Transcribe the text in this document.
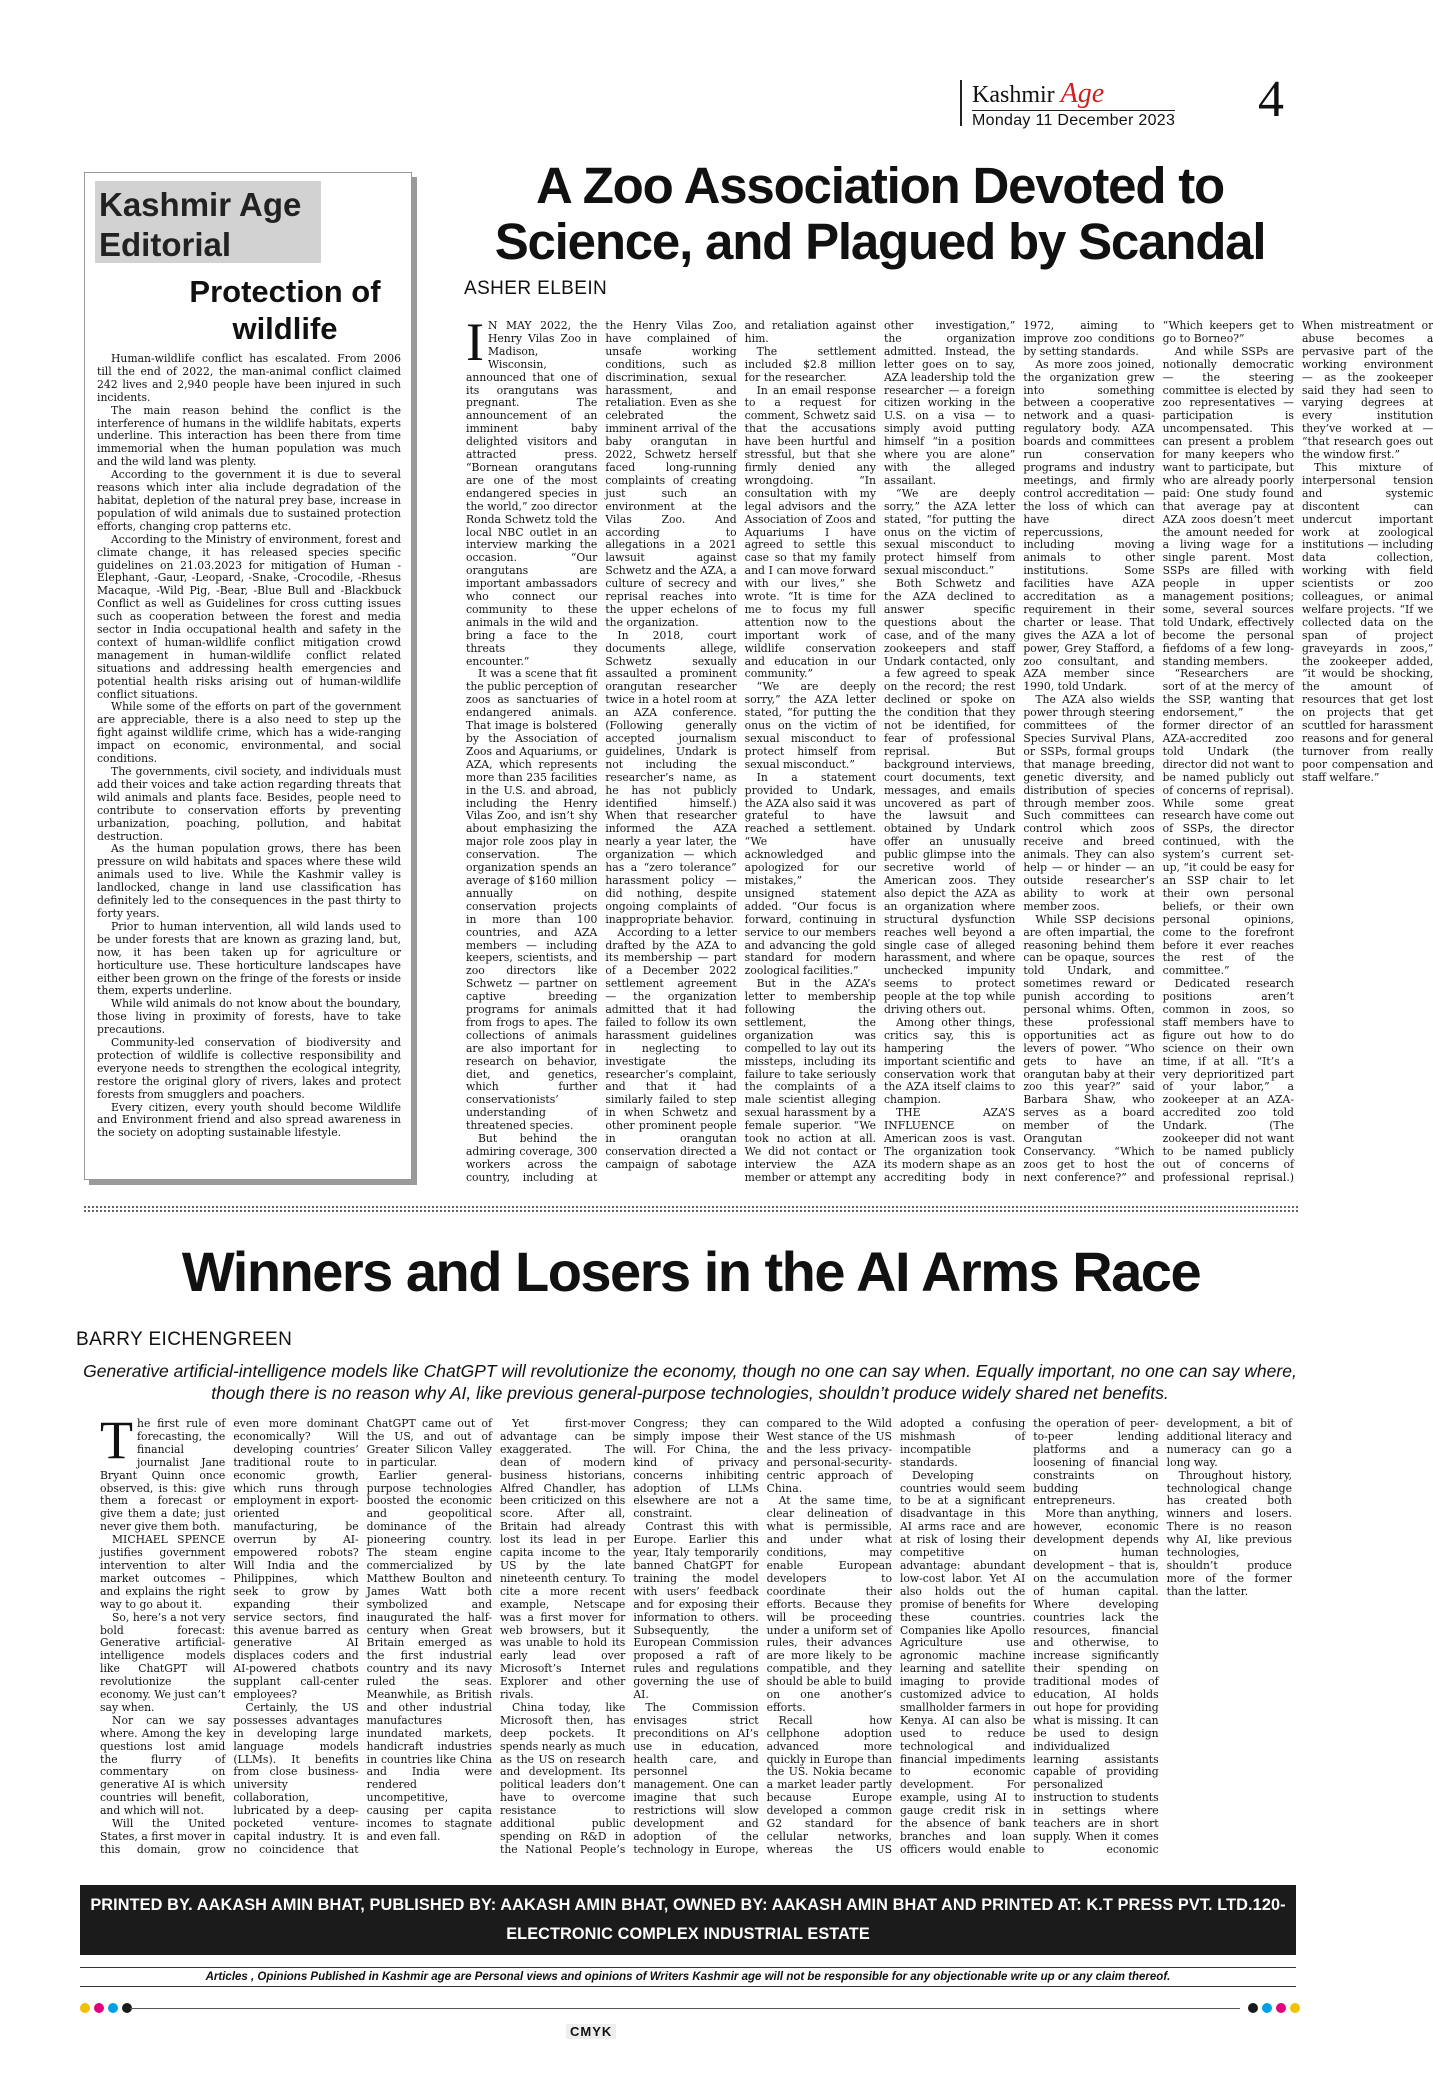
Kashmir Age
Monday 11 December 2023 4
Kashmir Age Editorial
Protection of wildlife

Human-wildlife conflict has escalated. From 2006 till the end of 2022, the man-animal conflict claimed 242 lives and 2,940 people have been injured in such incidents.

The main reason behind the conflict is the interference of humans in the wildlife habitats, experts underline. This interaction has been there from time immemorial when the human population was much and the wild land was plenty.

According to the government it is due to several reasons which inter alia include degradation of the habitat, depletion of the natural prey base, increase in population of wild animals due to sustained protection efforts, changing crop patterns etc.

According to the Ministry of environment, forest and climate change, it has released species specific guidelines on 21.03.2023 for mitigation of Human -Elephant, -Gaur, -Leopard, -Snake, -Crocodile, -Rhesus Macaque, -Wild Pig, -Bear, -Blue Bull and -Blackbuck Conflict as well as Guidelines for cross cutting issues such as cooperation between the forest and media sector in India occupational health and safety in the context of human-wildlife conflict mitigation crowd management in human-wildlife conflict related situations and addressing health emergencies and potential health risks arising out of human-wildlife conflict situations.

While some of the efforts on part of the government are appreciable, there is a also need to step up the fight against wildlife crime, which has a wide-ranging impact on economic, environmental, and social conditions.

The governments, civil society, and individuals must add their voices and take action regarding threats that wild animals and plants face. Besides, people need to contribute to conservation efforts by preventing urbanization, poaching, pollution, and habitat destruction.

As the human population grows, there has been pressure on wild habitats and spaces where these wild animals used to live. While the Kashmir valley is landlocked, change in land use classification has definitely led to the consequences in the past thirty to forty years.

Prior to human intervention, all wild lands used to be under forests that are known as grazing land, but, now, it has been taken up for agriculture or horticulture use. These horticulture landscapes have either been grown on the fringe of the forests or inside them, experts underline.

While wild animals do not know about the boundary, those living in proximity of forests, have to take precautions.

Community-led conservation of biodiversity and protection of wildlife is collective responsibility and everyone needs to strengthen the ecological integrity, restore the original glory of rivers, lakes and protect forests from smugglers and poachers.

Every citizen, every youth should become Wildlife and Environment friend and also spread awareness in the society on adopting sustainable lifestyle.

A Zoo Association Devoted to Science, and Plagued by Scandal
ASHER ELBEIN

I N MAY 2022, the Henry Vilas Zoo in Madison, Wisconsin, announced that one of its orangutans was pregnant. The announcement of an imminent baby delighted visitors and attracted press. “Bornean orangutans are one of the most endangered species in the world,” zoo director Ronda Schwetz told the local NBC outlet in an interview marking the occasion. “Our orangutans are important ambassadors who connect our community to these animals in the wild and bring a face to the threats they encounter.”

It was a scene that fit the public perception of zoos as sanctuaries of endangered animals. That image is bolstered by the Association of Zoos and Aquariums, or AZA, which represents more than 235 facilities in the U.S. and abroad, including the Henry Vilas Zoo, and isn’t shy about emphasizing the major role zoos play in conservation. The organization spends an average of $160 million annually on conservation projects in more than 100 countries, and AZA members — including keepers, scientists, and zoo directors like Schwetz — partner on captive breeding programs for animals from frogs to apes. The collections of animals are also important for research on behavior, diet, and genetics, which further conservationists’ understanding of threatened species.

But behind the admiring coverage, 300 workers across the country, including at the Henry Vilas Zoo, have complained of unsafe working conditions, such as discrimination, sexual harassment, and retaliation. Even as she celebrated the imminent arrival of the baby orangutan in 2022, Schwetz herself faced long-running complaints of creating just such an environment at the Vilas Zoo. And according to allegations in a 2021 lawsuit against Schwetz and the AZA, a culture of secrecy and reprisal reaches into the upper echelons of the organization.

In 2018, court documents allege, Schwetz sexually assaulted a prominent orangutan researcher twice in a hotel room at an AZA conference. (Following generally accepted journalism guidelines, Undark is not including the researcher’s name, as he has not publicly identified himself.) When that researcher informed the AZA nearly a year later, the organization — which has a “zero tolerance” harassment policy — did nothing, despite ongoing complaints of inappropriate behavior.

According to a letter drafted by the AZA to its membership — part of a December 2022 settlement agreement — the organization admitted that it had failed to follow its own harassment guidelines in neglecting to investigate the researcher’s complaint, and that it had similarly failed to step in when Schwetz and other prominent people in orangutan conservation directed a campaign of sabotage and retaliation against him.

The settlement included $2.8 million for the researcher.

In an email response to a request for comment, Schwetz said that the accusations have been hurtful and stressful, but that she firmly denied any wrongdoing. “In consultation with my legal advisors and the Association of Zoos and Aquariums I have agreed to settle this case so that my family and I can move forward with our lives,” she wrote. “It is time for me to focus my full attention now to the important work of wildlife conservation and education in our community.”

“We are deeply sorry,” the AZA letter stated, “for putting the onus on the victim of sexual misconduct to protect himself from sexual misconduct.”

In a statement provided to Undark, the AZA also said it was grateful to have reached a settlement. “We have acknowledged and apologized for our mistakes,” the unsigned statement added. “Our focus is forward, continuing in service to our members and advancing the gold standard for modern zoological facilities.”

But in the AZA’s letter to membership following the settlement, the organization was compelled to lay out its missteps, including its failure to take seriously the complaints of a male scientist alleging sexual harassment by a female superior. “We took no action at all. We did not contact or interview the AZA member or attempt any other investigation,” the organization admitted. Instead, the letter goes on to say, AZA leadership told the researcher — a foreign citizen working in the U.S. on a visa — to simply avoid putting himself “in a position where you are alone” with the alleged assailant.

“We are deeply sorry,” the AZA letter stated, “for putting the onus on the victim of sexual misconduct to protect himself from sexual misconduct.”

Both Schwetz and the AZA declined to answer specific questions about the case, and of the many zookeepers and staff Undark contacted, only a few agreed to speak on the record; the rest declined or spoke on the condition that they not be identified, for fear of professional reprisal. But background interviews, court documents, text messages, and emails uncovered as part of the lawsuit and obtained by Undark offer an unusually public glimpse into the secretive world of American zoos. They also depict the AZA as an organization where structural dysfunction reaches well beyond a single case of alleged harassment, and where unchecked impunity seems to protect people at the top while driving others out.

Among other things, critics say, this is hampering the important scientific and conservation work that the AZA itself claims to champion.

THE AZA’S INFLUENCE on American zoos is vast. The organization took its modern shape as an accrediting body in 1972, aiming to improve zoo conditions by setting standards.

As more zoos joined, the organization grew into something between a cooperative network and a quasi-regulatory body. AZA boards and committees run conservation programs and industry meetings, and firmly control accreditation — the loss of which can have direct repercussions, including moving animals to other institutions. Some facilities have AZA accreditation as a requirement in their charter or lease. That gives the AZA a lot of power, Grey Stafford, a zoo consultant, and AZA member since 1990, told Undark.

The AZA also wields power through steering committees of the Species Survival Plans, or SSPs, formal groups that manage breeding, genetic diversity, and distribution of species through member zoos. Such committees can control which zoos receive and breed animals. They can also help — or hinder — an outside researcher’s ability to work at member zoos.

While SSP decisions are often impartial, the reasoning behind them can be opaque, sources told Undark, and sometimes reward or punish according to personal whims. Often, these professional opportunities act as levers of power. “Who gets to have an orangutan baby at their zoo this year?” said Barbara Shaw, who serves as a board member of the Orangutan Conservancy. “Which zoos get to host the next conference?” and “Which keepers get to go to Borneo?”

And while SSPs are notionally democratic — the steering committee is elected by zoo representatives — participation is uncompensated. This can present a problem for many keepers who want to participate, but who are already poorly paid: One study found that average pay at AZA zoos doesn’t meet the amount needed for a living wage for a single parent. Most SSPs are filled with people in upper management positions; some, several sources told Undark, effectively become the personal fiefdoms of a few long-standing members.

“Researchers are sort of at the mercy of the SSP, wanting that endorsement,” the former director of an AZA-accredited zoo told Undark (the director did not want to be named publicly out of concerns of reprisal). While some great research have come out of SSPs, the director continued, with the system’s current set-up, “it could be easy for an SSP chair to let their own personal beliefs, or their own personal opinions, come to the forefront before it ever reaches the rest of the committee.”

Dedicated research positions aren’t common in zoos, so staff members have to figure out how to do science on their own time, if at all. “It’s a very deprioritized part of your labor,” a zookeeper at an AZA-accredited zoo told Undark. (The zookeeper did not want to be named publicly out of concerns of professional reprisal.) When mistreatment or abuse becomes a pervasive part of the working environment — as the zookeeper said they had seen to varying degrees at every institution they’ve worked at — “that research goes out the window first.”

This mixture of interpersonal tension and systemic discontent can undercut important work at zoological institutions — including data collection, working with field scientists or zoo colleagues, or animal welfare projects. “If we collected data on the span of project graveyards in zoos,” the zookeeper added, “it would be shocking, the amount of resources that get lost on projects that get scuttled for harassment reasons and for general turnover from really poor compensation and staff welfare.”

Winners and Losers in the AI Arms Race
BARRY EICHENGREEN
Generative artificial-intelligence models like ChatGPT will revolutionize the economy, though no one can say when. Equally important, no one can say where, though there is no reason why AI, like previous general-purpose technologies, shouldn’t produce widely shared net benefits.

The first rule of forecasting, the financial journalist Jane Bryant Quinn once observed, is this: give them a forecast or give them a date; just never give them both.

MICHAEL SPENCE justifies government intervention to alter market outcomes – and explains the right way to go about it.

So, here’s a not very bold forecast: Generative artificial-intelligence models like ChatGPT will revolutionize the economy. We just can’t say when.

Nor can we say where. Among the key questions lost amid the flurry of commentary on generative AI is which countries will benefit, and which will not.

Will the United States, a first mover in this domain, grow even more dominant economically? Will developing countries’ traditional route to economic growth, which runs through employment in export-oriented manufacturing, be overrun by AI-empowered robots? Will India and the Philippines, which seek to grow by expanding their service sectors, find this avenue barred as generative AI displaces coders and AI-powered chatbots supplant call-center employees?

Certainly, the US possesses advantages in developing large language models (LLMs). It benefits from close business-university collaboration, lubricated by a deep-pocketed venture-capital industry. It is no coincidence that ChatGPT came out of the US, and out of Greater Silicon Valley in particular.

Earlier general-purpose technologies boosted the economic and geopolitical dominance of the pioneering country. The steam engine commercialized by Matthew Boulton and James Watt both symbolized and inaugurated the half-century when Great Britain emerged as the first industrial country and its navy ruled the seas. Meanwhile, as British and other industrial manufactures inundated markets, handicraft industries in countries like China and India were rendered uncompetitive, causing per capita incomes to stagnate and even fall.

Yet first-mover advantage can be exaggerated. The dean of modern business historians, Alfred Chandler, has been criticized on this score. After all, Britain had already lost its lead in per capita income to the US by the late nineteenth century. To cite a more recent example, Netscape was a first mover for web browsers, but it was unable to hold its early lead over Microsoft’s Internet Explorer and other rivals.

China today, like Microsoft then, has deep pockets. It spends nearly as much as the US on research and development. Its political leaders don’t have to overcome resistance to additional public spending on R&D in the National People’s Congress; they can simply impose their will. For China, the kind of privacy concerns inhibiting adoption of LLMs elsewhere are not a constraint.

Contrast this with Europe. Earlier this year, Italy temporarily banned ChatGPT for training the model with users’ feedback and for exposing their information to others. Subsequently, the European Commission proposed a raft of rules and regulations governing the use of AI.

The Commission envisages strict preconditions on AI’s use in education, health care, and personnel management. One can imagine that such restrictions will slow development and adoption of the technology in Europe, compared to the Wild West stance of the US and the less privacy- and personal-security-centric approach of China.

At the same time, clear delineation of what is permissible, and under what conditions, may enable European developers to coordinate their efforts. Because they will be proceeding under a uniform set of rules, their advances are more likely to be compatible, and they should be able to build on one another’s efforts.

Recall how cellphone adoption advanced more quickly in Europe than the US. Nokia became a market leader partly because Europe developed a common G2 standard for cellular networks, whereas the US adopted a confusing mishmash of incompatible standards.

Developing countries would seem to be at a significant disadvantage in this AI arms race and are at risk of losing their competitive advantage: abundant low-cost labor. Yet AI also holds out the promise of benefits for these countries. Companies like Apollo Agriculture use agronomic machine learning and satellite imaging to provide customized advice to smallholder farmers in Kenya. AI can also be used to reduce technological and financial impediments to economic development. For example, using AI to gauge credit risk in the absence of bank branches and loan officers would enable the operation of peer-to-peer lending platforms and a loosening of financial constraints on budding entrepreneurs.

More than anything, however, economic development depends on human development – that is, on the accumulation of human capital. Where developing countries lack the resources, financial and otherwise, to increase significantly their spending on traditional modes of education, AI holds out hope for providing what is missing. It can be used to design individualized learning assistants capable of providing personalized instruction to students in settings where teachers are in short supply. When it comes to economic development, a bit of additional literacy and numeracy can go a long way.

Throughout history, technological change has created both winners and losers. There is no reason why AI, like previous technologies, shouldn’t produce more of the former than the latter.

PRINTED BY. AAKASH AMIN BHAT, PUBLISHED BY: AAKASH AMIN BHAT, OWNED BY: AAKASH AMIN BHAT AND PRINTED AT: K.T PRESS PVT. LTD.120- ELECTRONIC COMPLEX INDUSTRIAL ESTATE
RANGRETH BUDGAM, J&K. AND PUBLISHED AT: MEDIA ENCLAVE RESIDENCY ROAD SGR. 190001 J&K. EDITOR: AAKASH AMIN BHAT, JKENG/2006/23952
Articles , Opinions Published in Kashmir age are Personal views and opinions of Writers Kashmir age will not be responsible for any objectionable write up or any claim thereof.
CMYK
